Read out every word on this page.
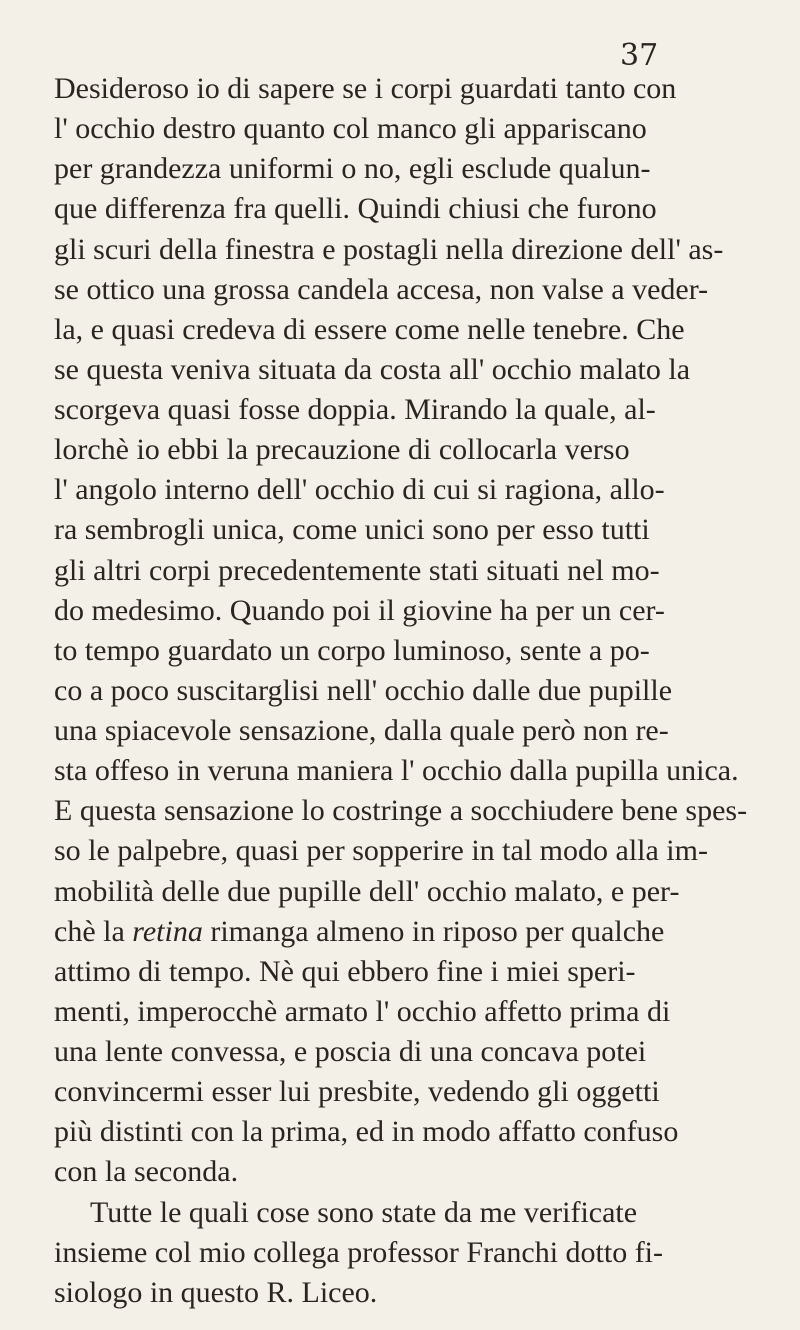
37
Desideroso io di sapere se i corpi guardati tanto con
l' occhio destro quanto col manco gli appariscano
per grandezza uniformi o no, egli esclude qualun-
que differenza fra quelli. Quindi chiusi che furono
gli scuri della finestra e postagli nella direzione dell' as-
se ottico una grossa candela accesa, non valse a veder-
la, e quasi credeva di essere come nelle tenebre. Che
se questa veniva situata da costa all' occhio malato la
scorgeva quasi fosse doppia. Mirando la quale, al-
lorchè io ebbi la precauzione di collocarla verso
l' angolo interno dell' occhio di cui si ragiona, allo-
ra sembrogli unica, come unici sono per esso tutti
gli altri corpi precedentemente stati situati nel mo-
do medesimo. Quando poi il giovine ha per un cer-
to tempo guardato un corpo luminoso, sente a po-
co a poco suscitarglisi nell' occhio dalle due pupille
una spiacevole sensazione, dalla quale però non re-
sta offeso in veruna maniera l' occhio dalla pupilla unica.
E questa sensazione lo costringe a socchiudere bene spes-
so le palpebre, quasi per sopperire in tal modo alla im-
mobilità delle due pupille dell' occhio malato, e per-
chè la retina rimanga almeno in riposo per qualche
attimo di tempo. Nè qui ebbero fine i miei speri-
menti, imperocchè armato l' occhio affetto prima di
una lente convessa, e poscia di una concava potei
convincermi esser lui presbite, vedendo gli oggetti
più distinti con la prima, ed in modo affatto confuso
con la seconda.
Tutte le quali cose sono state da me verificate
insieme col mio collega professor Franchi dotto fi-
siologo in questo R. Liceo.
